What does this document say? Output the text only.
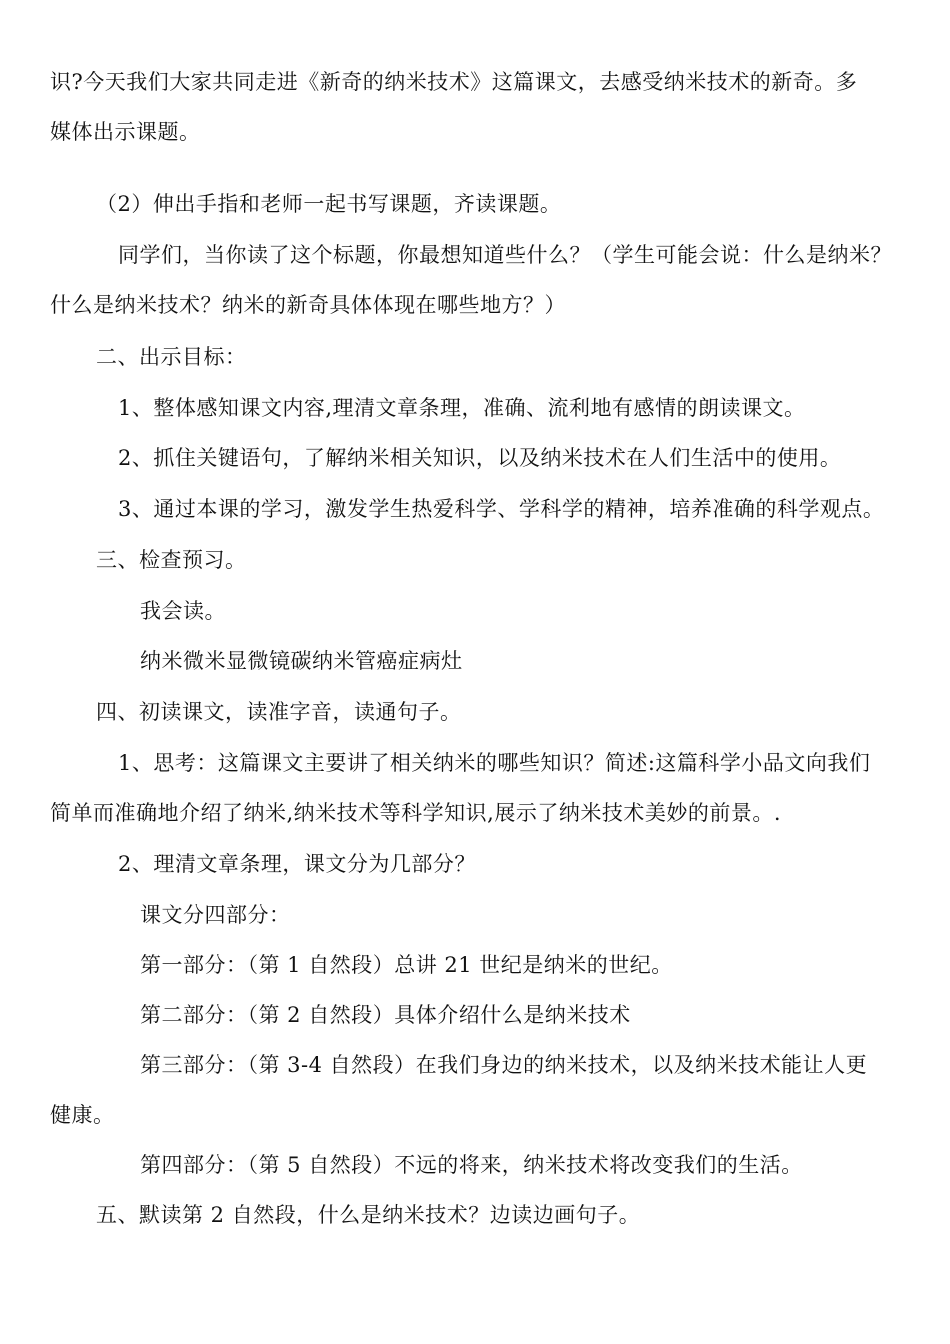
识?今天我们大家共同走进《新奇的纳米技术》这篇课文，去感受纳米技术的新奇。多
媒体出示课题。
（2）伸出手指和老师一起书写课题，齐读课题。
同学们，当你读了这个标题，你最想知道些什么？（学生可能会说：什么是纳米？
什么是纳米技术？纳米的新奇具体体现在哪些地方？）
二、出示目标：
1、整体感知课文内容,理清文章条理，准确、流利地有感情的朗读课文。
2、抓住关键语句，了解纳米相关知识，以及纳米技术在人们生活中的使用。
3、通过本课的学习，激发学生热爱科学、学科学的精神，培养准确的科学观点。
三、检查预习。
我会读。
纳米微米显微镜碳纳米管癌症病灶
四、初读课文，读准字音，读通句子。
1、思考：这篇课文主要讲了相关纳米的哪些知识？简述:这篇科学小品文向我们
简单而准确地介绍了纳米,纳米技术等科学知识,展示了纳米技术美妙的前景。.
2、理清文章条理，课文分为几部分？
课文分四部分：
第一部分：（第 1 自然段）总讲 21 世纪是纳米的世纪。
第二部分：（第 2 自然段）具体介绍什么是纳米技术
第三部分：（第 3-4 自然段）在我们身边的纳米技术，以及纳米技术能让人更
健康。
第四部分：（第 5 自然段）不远的将来，纳米技术将改变我们的生活。
五、默读第 2 自然段，什么是纳米技术？边读边画句子。
